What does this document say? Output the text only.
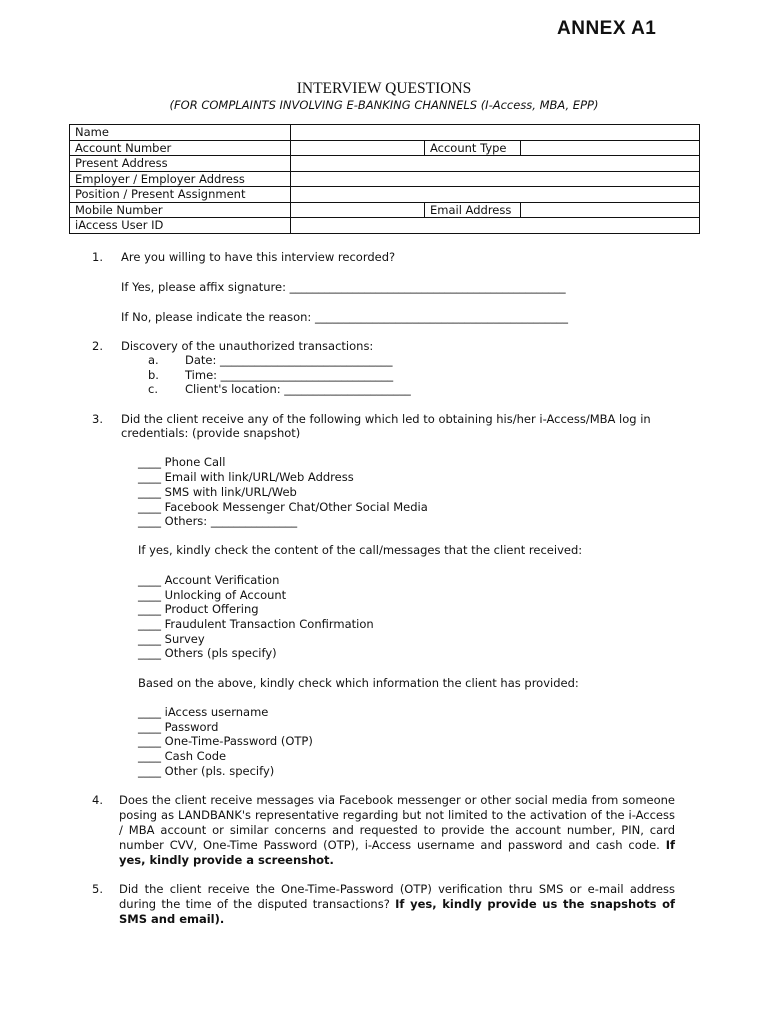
ANNEX A1
INTERVIEW QUESTIONS
(FOR COMPLAINTS INVOLVING E-BANKING CHANNELS (I-Access, MBA, EPP)
Name			
Account Number		Account Type	
Present Address			
Employer / Employer Address			
Position / Present Assignment			
Mobile Number		Email Address	
iAccess User ID			
1. Are you willing to have this interview recorded?
If Yes, please affix signature: ________________________________________________
If No, please indicate the reason: ____________________________________________
2. Discovery of the unauthorized transactions:
a. Date: ______________________________
b. Time: ______________________________
c. Client's location: ______________________
3. Did the client receive any of the following which led to obtaining his/her i-Access/MBA log in
credentials: (provide snapshot)
____ Phone Call
____ Email with link/URL/Web Address
____ SMS with link/URL/Web
____ Facebook Messenger Chat/Other Social Media
____ Others: _______________
If yes, kindly check the content of the call/messages that the client received:
____ Account Verification
____ Unlocking of Account
____ Product Offering
____ Fraudulent Transaction Confirmation
____ Survey
____ Others (pls specify)
Based on the above, kindly check which information the client has provided:
____ iAccess username
____ Password
____ One-Time-Password (OTP)
____ Cash Code
____ Other (pls. specify)
4. Does the client receive messages via Facebook messenger or other social media from someone posing as LANDBANK's representative regarding but not limited to the activation of the i-Access / MBA account or similar concerns and requested to provide the account number, PIN, card number CVV, One-Time Password (OTP), i-Access username and password and cash code. If yes, kindly provide a screenshot.
5. Did the client receive the One-Time-Password (OTP) verification thru SMS or e-mail address during the time of the disputed transactions? If yes, kindly provide us the snapshots of SMS and email).
